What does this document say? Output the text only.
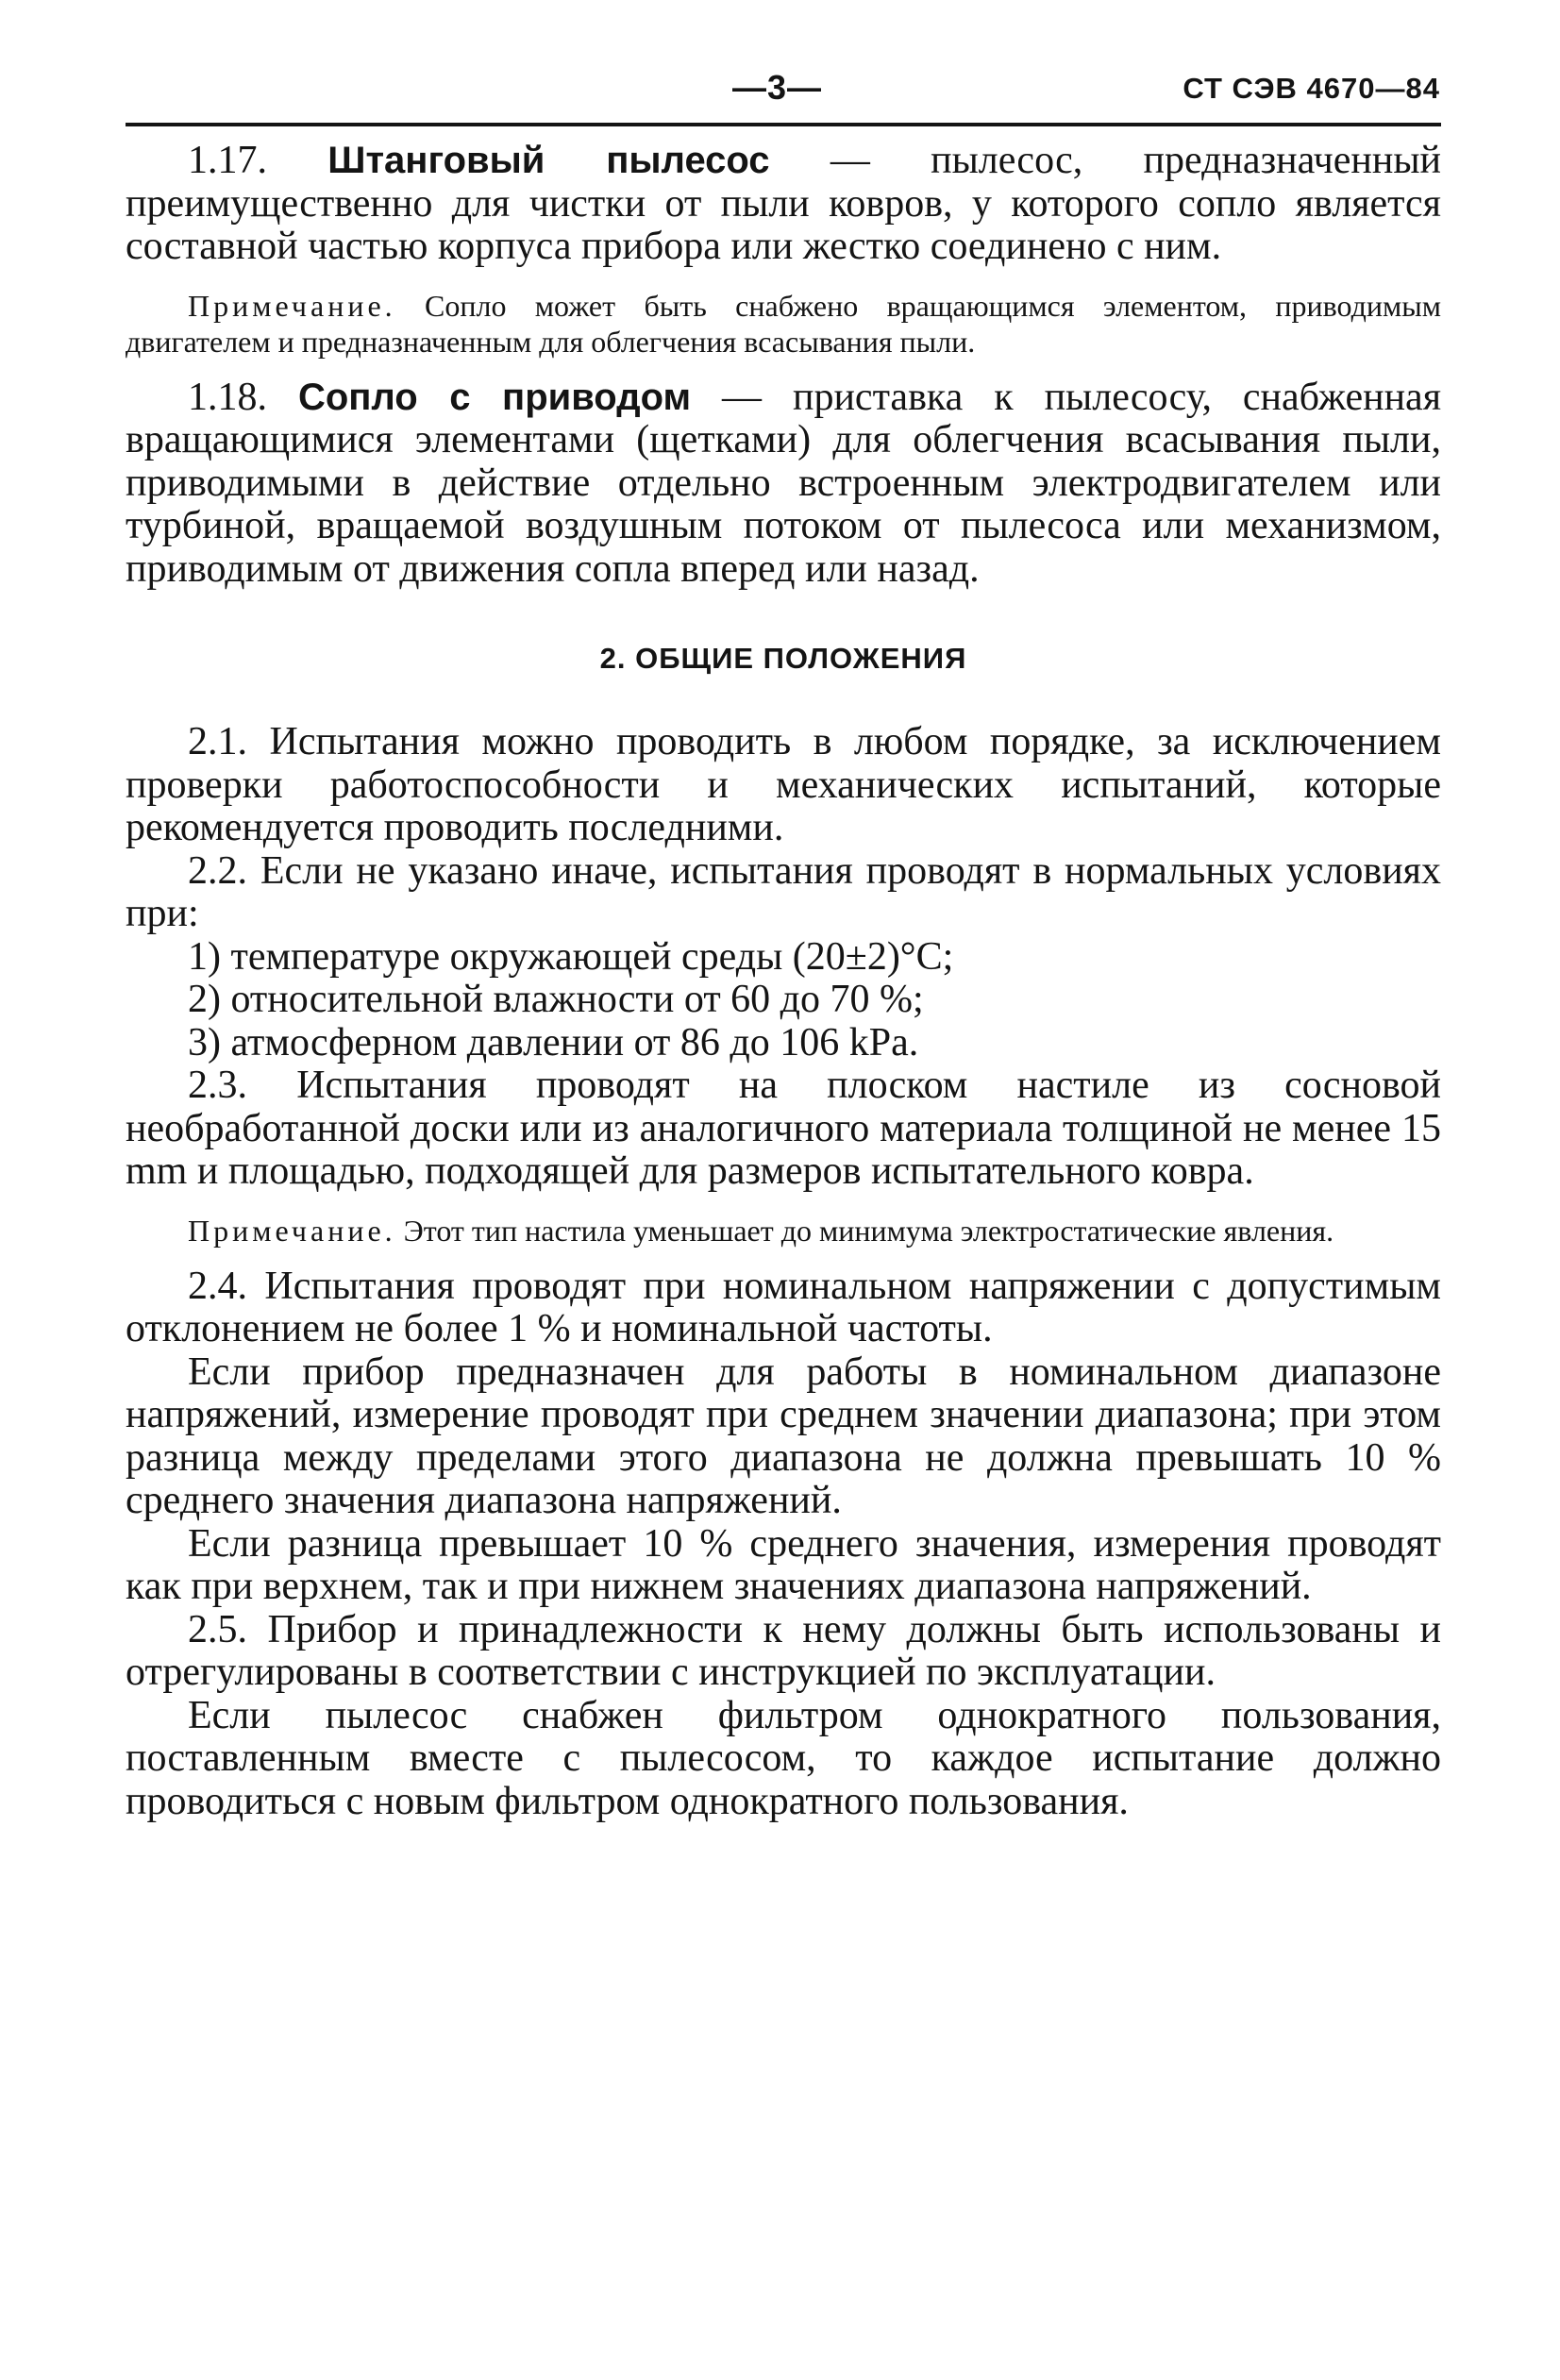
—3—	СТ СЭВ 4670—84

1.17. Штанговый пылесос — пылесос, предназначенный преимущественно для чистки от пыли ковров, у которого сопло является составной частью корпуса прибора или жестко соединено с ним.

Примечание. Сопло может быть снабжено вращающимся элементом, приводимым двигателем и предназначенным для облегчения всасывания пыли.

1.18. Сопло с приводом — приставка к пылесосу, снабженная вращающимися элементами (щетками) для облегчения всасывания пыли, приводимыми в действие отдельно встроенным электродвигателем или турбиной, вращаемой воздушным потоком от пылесоса или механизмом, приводимым от движения сопла вперед или назад.

2. ОБЩИЕ ПОЛОЖЕНИЯ

2.1. Испытания можно проводить в любом порядке, за исключением проверки работоспособности и механических испытаний, которые рекомендуется проводить последними.

2.2. Если не указано иначе, испытания проводят в нормальных условиях при:

1) температуре окружающей среды (20±2)°С;

2) относительной влажности от 60 до 70 %;

3) атмосферном давлении от 86 до 106 kPa.

2.3. Испытания проводят на плоском настиле из сосновой необработанной доски или из аналогичного материала толщиной не менее 15 mm и площадью, подходящей для размеров испытательного ковра.

Примечание. Этот тип настила уменьшает до минимума электростатические явления.

2.4. Испытания проводят при номинальном напряжении с допустимым отклонением не более 1 % и номинальной частоты.

Если прибор предназначен для работы в номинальном диапазоне напряжений, измерение проводят при среднем значении диапазона; при этом разница между пределами этого диапазона не должна превышать 10 % среднего значения диапазона напряжений.

Если разница превышает 10 % среднего значения, измерения проводят как при верхнем, так и при нижнем значениях диапазона напряжений.

2.5. Прибор и принадлежности к нему должны быть использованы и отрегулированы в соответствии с инструкцией по эксплуатации.

Если пылесос снабжен фильтром однократного пользования, поставленным вместе с пылесосом, то каждое испытание должно проводиться с новым фильтром однократного пользования.
